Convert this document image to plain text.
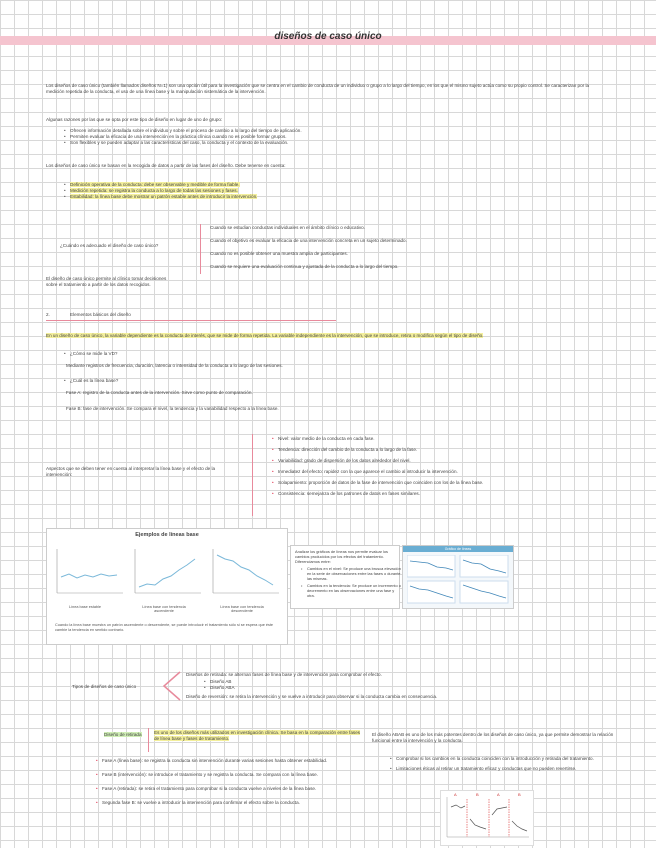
diseños de caso único
Los diseños de caso único (también llamados diseños N=1) son una opción útil para la investigación que se centra en el cambio de conducta de un individuo o grupo a lo largo del tiempo, en los que el mismo sujeto actúa como su propio control. Se caracterizan por la medición repetida de la conducta, el uso de una línea base y la manipulación sistemática de la intervención.
Algunas razones por las que se opta por este tipo de diseño en lugar de uno de grupo:
• Ofrecen información detallada sobre el individuo y sobre el proceso de cambio a lo largo del tiempo de aplicación.
• Permiten evaluar la eficacia de una intervención en la práctica clínica cuando no es posible formar grupos.
• Son flexibles y se pueden adaptar a las características del caso, la conducta y el contexto de la evaluación.
Los diseños de caso único se basan en la recogida de datos a partir de las fases del diseño. Debe tenerse en cuenta:
• Definición operativa de la conducta: debe ser observable y medible de forma fiable.
• Medición repetida: se registra la conducta a lo largo de todas las sesiones y fases.
• Estabilidad: la línea base debe mostrar un patrón estable antes de introducir la intervención.
¿Cuándo es adecuado el diseño de caso único?
Cuando se estudian conductas individuales en el ámbito clínico o educativo.
Cuando el objetivo es evaluar la eficacia de una intervención concreta en un sujeto determinado.
Cuando no es posible obtener una muestra amplia de participantes.
Cuando se requiere una evaluación continua y ajustada de la conducta a lo largo del tiempo.
El diseño de caso único permite al clínico tomar decisiones sobre el tratamiento a partir de los datos recogidos.
2.	Elementos básicos del diseño
En un diseño de caso único, la variable dependiente es la conducta de interés, que se mide de forma repetida. La variable independiente es la intervención, que se introduce, retira o modifica según el tipo de diseño.
• ¿Cómo se mide la VD?
Mediante registros de frecuencia, duración, latencia o intensidad de la conducta a lo largo de las sesiones.
• ¿Cuál es la línea base?
Fase A: registro de la conducta antes de la intervención. Sirve como punto de comparación.
Fase B: fase de intervención. Se compara el nivel, la tendencia y la variabilidad respecto a la línea base.
Aspectos que se deben tener en cuenta al interpretar la línea base y el efecto de la intervención:
• Nivel: valor medio de la conducta en cada fase.
• Tendencia: dirección del cambio de la conducta a lo largo de la fase.
• Variabilidad: grado de dispersión de los datos alrededor del nivel.
• Inmediatez del efecto: rapidez con la que aparece el cambio al introducir la intervención.
• Solapamiento: proporción de datos de la fase de intervención que coinciden con los de la línea base.
• Consistencia: semejanza de los patrones de datos en fases similares.
Ejemplos de líneas base
Línea base estable	Línea base con tendencia ascendente
Línea base con tendencia descendente
Cuando la línea base muestra un patrón ascendente o descendente, se puede introducir el tratamiento sólo si se espera que éste cambie la tendencia en sentido contrario.
Analizar los gráficos de líneas nos permite evaluar los cambios producidos por los efectos del tratamiento. Diferenciamos entre:
• Cambios en el nivel: Se produce una brusca elevación en la serie de observaciones entre las fases o durante las mismas.
• Cambios en la tendencia: Se produce un incremento o decremento en las observaciones entre una fase y otra.
Gráfico de líneas
Tipos de diseños de caso único
Diseños de retirada: se alternan fases de línea base y de intervención para comprobar el efecto.
• Diseño AB
• Diseño ABA
Diseño de reversión: se retira la intervención y se vuelve a introducir para observar si la conducta cambia en consecuencia.
Diseño de retirada	Es uno de los diseños más utilizados en investigación clínica. Se basa en la comparación entre fases de línea base y fases de tratamiento.
• Fase A (línea base): se registra la conducta sin intervención durante varias sesiones hasta obtener estabilidad.
• Fase B (intervención): se introduce el tratamiento y se registra la conducta. Se compara con la línea base.
• Fase A (retirada): se retira el tratamiento para comprobar si la conducta vuelve a niveles de la línea base.
• Segunda fase B: se vuelve a introducir la intervención para confirmar el efecto sobre la conducta.
El diseño ABAB es uno de los más potentes dentro de los diseños de caso único, ya que permite demostrar la relación funcional entre la intervención y la conducta.
• Comprobar si los cambios en la conducta coinciden con la introducción y retirada del tratamiento.
• Limitaciones éticas al retirar un tratamiento eficaz y conductas que no pueden revertirse.
A	B	A	B
